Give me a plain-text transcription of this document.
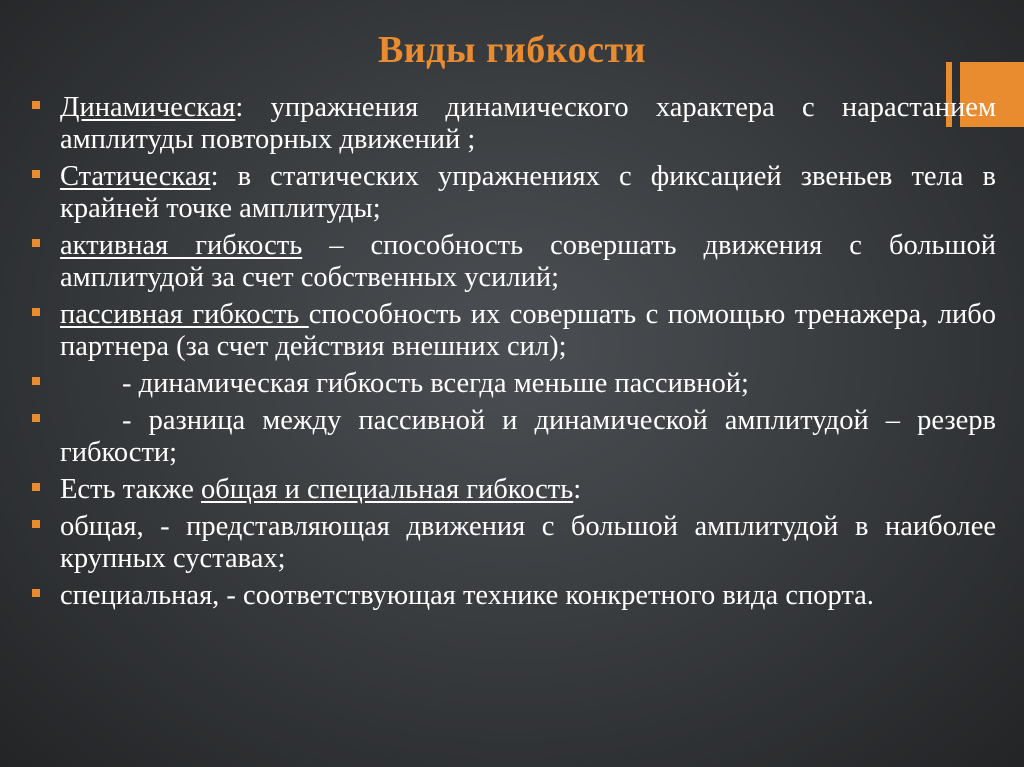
Виды гибкости
Динамическая: упражнения динамического характера с нарастанием амплитуды повторных движений ;
Статическая: в статических упражнениях с фиксацией звеньев тела в крайней точке амплитуды;
активная гибкость – способность совершать движения с большой амплитудой за счет собственных усилий;
пассивная гибкость способность их совершать с помощью тренажера, либо партнера (за счет действия внешних сил);
- динамическая гибкость всегда меньше пассивной;
- разница между пассивной и динамической амплитудой – резерв гибкости;
Есть также общая и специальная гибкость:
общая, - представляющая движения с большой амплитудой в наиболее крупных суставах;
специальная, - соответствующая технике конкретного вида спорта.
